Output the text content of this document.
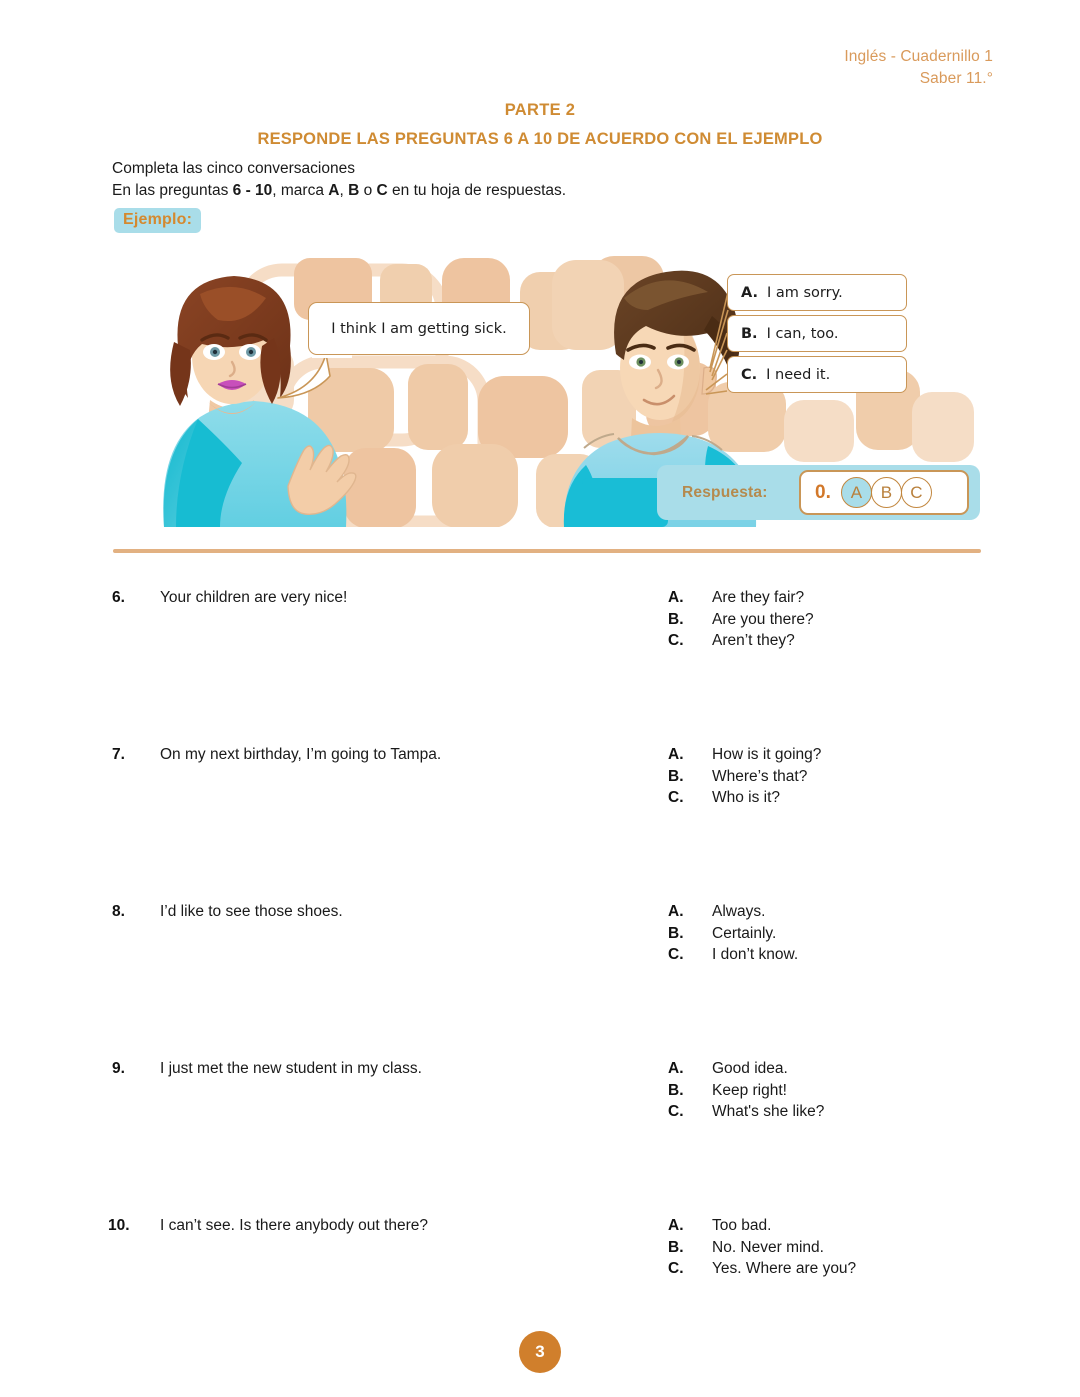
Inglés - Cuadernillo 1
Saber 11.°
PARTE 2
RESPONDE LAS PREGUNTAS 6 A 10 DE ACUERDO CON EL EJEMPLO
Completa las cinco conversaciones
En las preguntas 6 - 10, marca A, B o C en tu hoja de respuestas.
Ejemplo:
I think I am getting sick.
A. I am sorry.
B. I can, too.
C. I need it.
Respuesta: 0.	A	B	C
6.	Your children are very nice!	A. Are they fair?
B. Are you there?
C. Aren’t they?
7.	On my next birthday, I’m going to Tampa.	A. How is it going?
B. Where’s that?
C. Who is it?
8.	I’d like to see those shoes.	A. Always.
B. Certainly.
C. I don’t know.
9.	I just met the new student in my class.	A. Good idea.
B. Keep right!
C. What's she like?
10.	I can’t see. Is there anybody out there?	A. Too bad.
B. No. Never mind.
C. Yes. Where are you?
3
